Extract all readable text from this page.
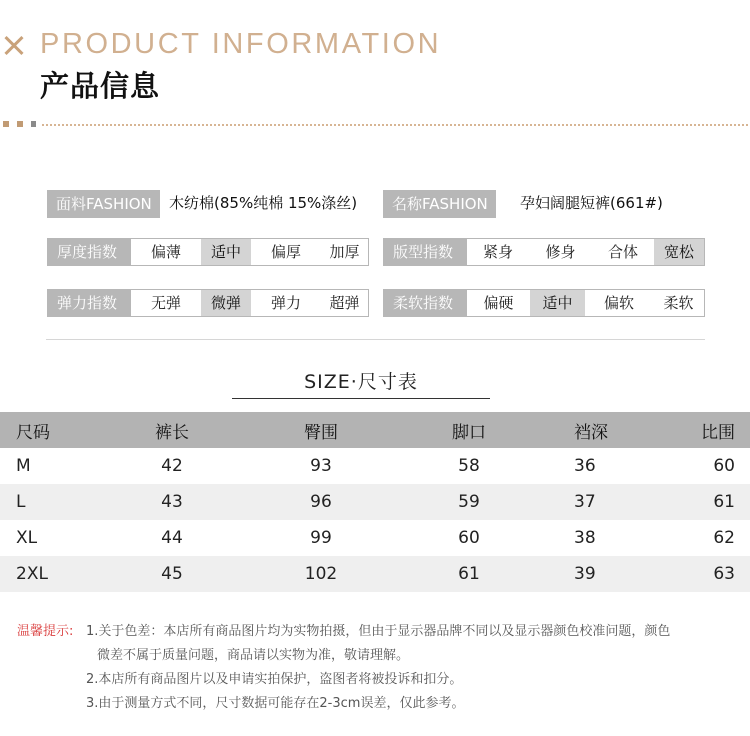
PRODUCT INFORMATION
产品信息
面料FASHION	木纺棉(85%纯棉 15%涤丝)	名称FASHION	孕妇阔腿短裤(661#)
厚度指数	偏薄	适中	偏厚	加厚	版型指数	紧身	修身	合体	宽松
弹力指数	无弹	微弹	弹力	超弹	柔软指数	偏硬	适中	偏软	柔软
SIZE·尺寸表
尺码	裤长	臀围	脚口	裆深	比围
M	42	93	58	36	60
L	43	96	59	37	61
XL	44	99	60	38	62
2XL	45	102	61	39	63
温馨提示: 1.关于色差：本店所有商品图片均为实物拍摄，但由于显示器品牌不同以及显示器颜色校准问题，颜色
微差不属于质量问题，商品请以实物为准，敬请理解。
2.本店所有商品图片以及申请实拍保护，盗图者将被投诉和扣分。
3.由于测量方式不同，尺寸数据可能存在2-3cm误差，仅此参考。
